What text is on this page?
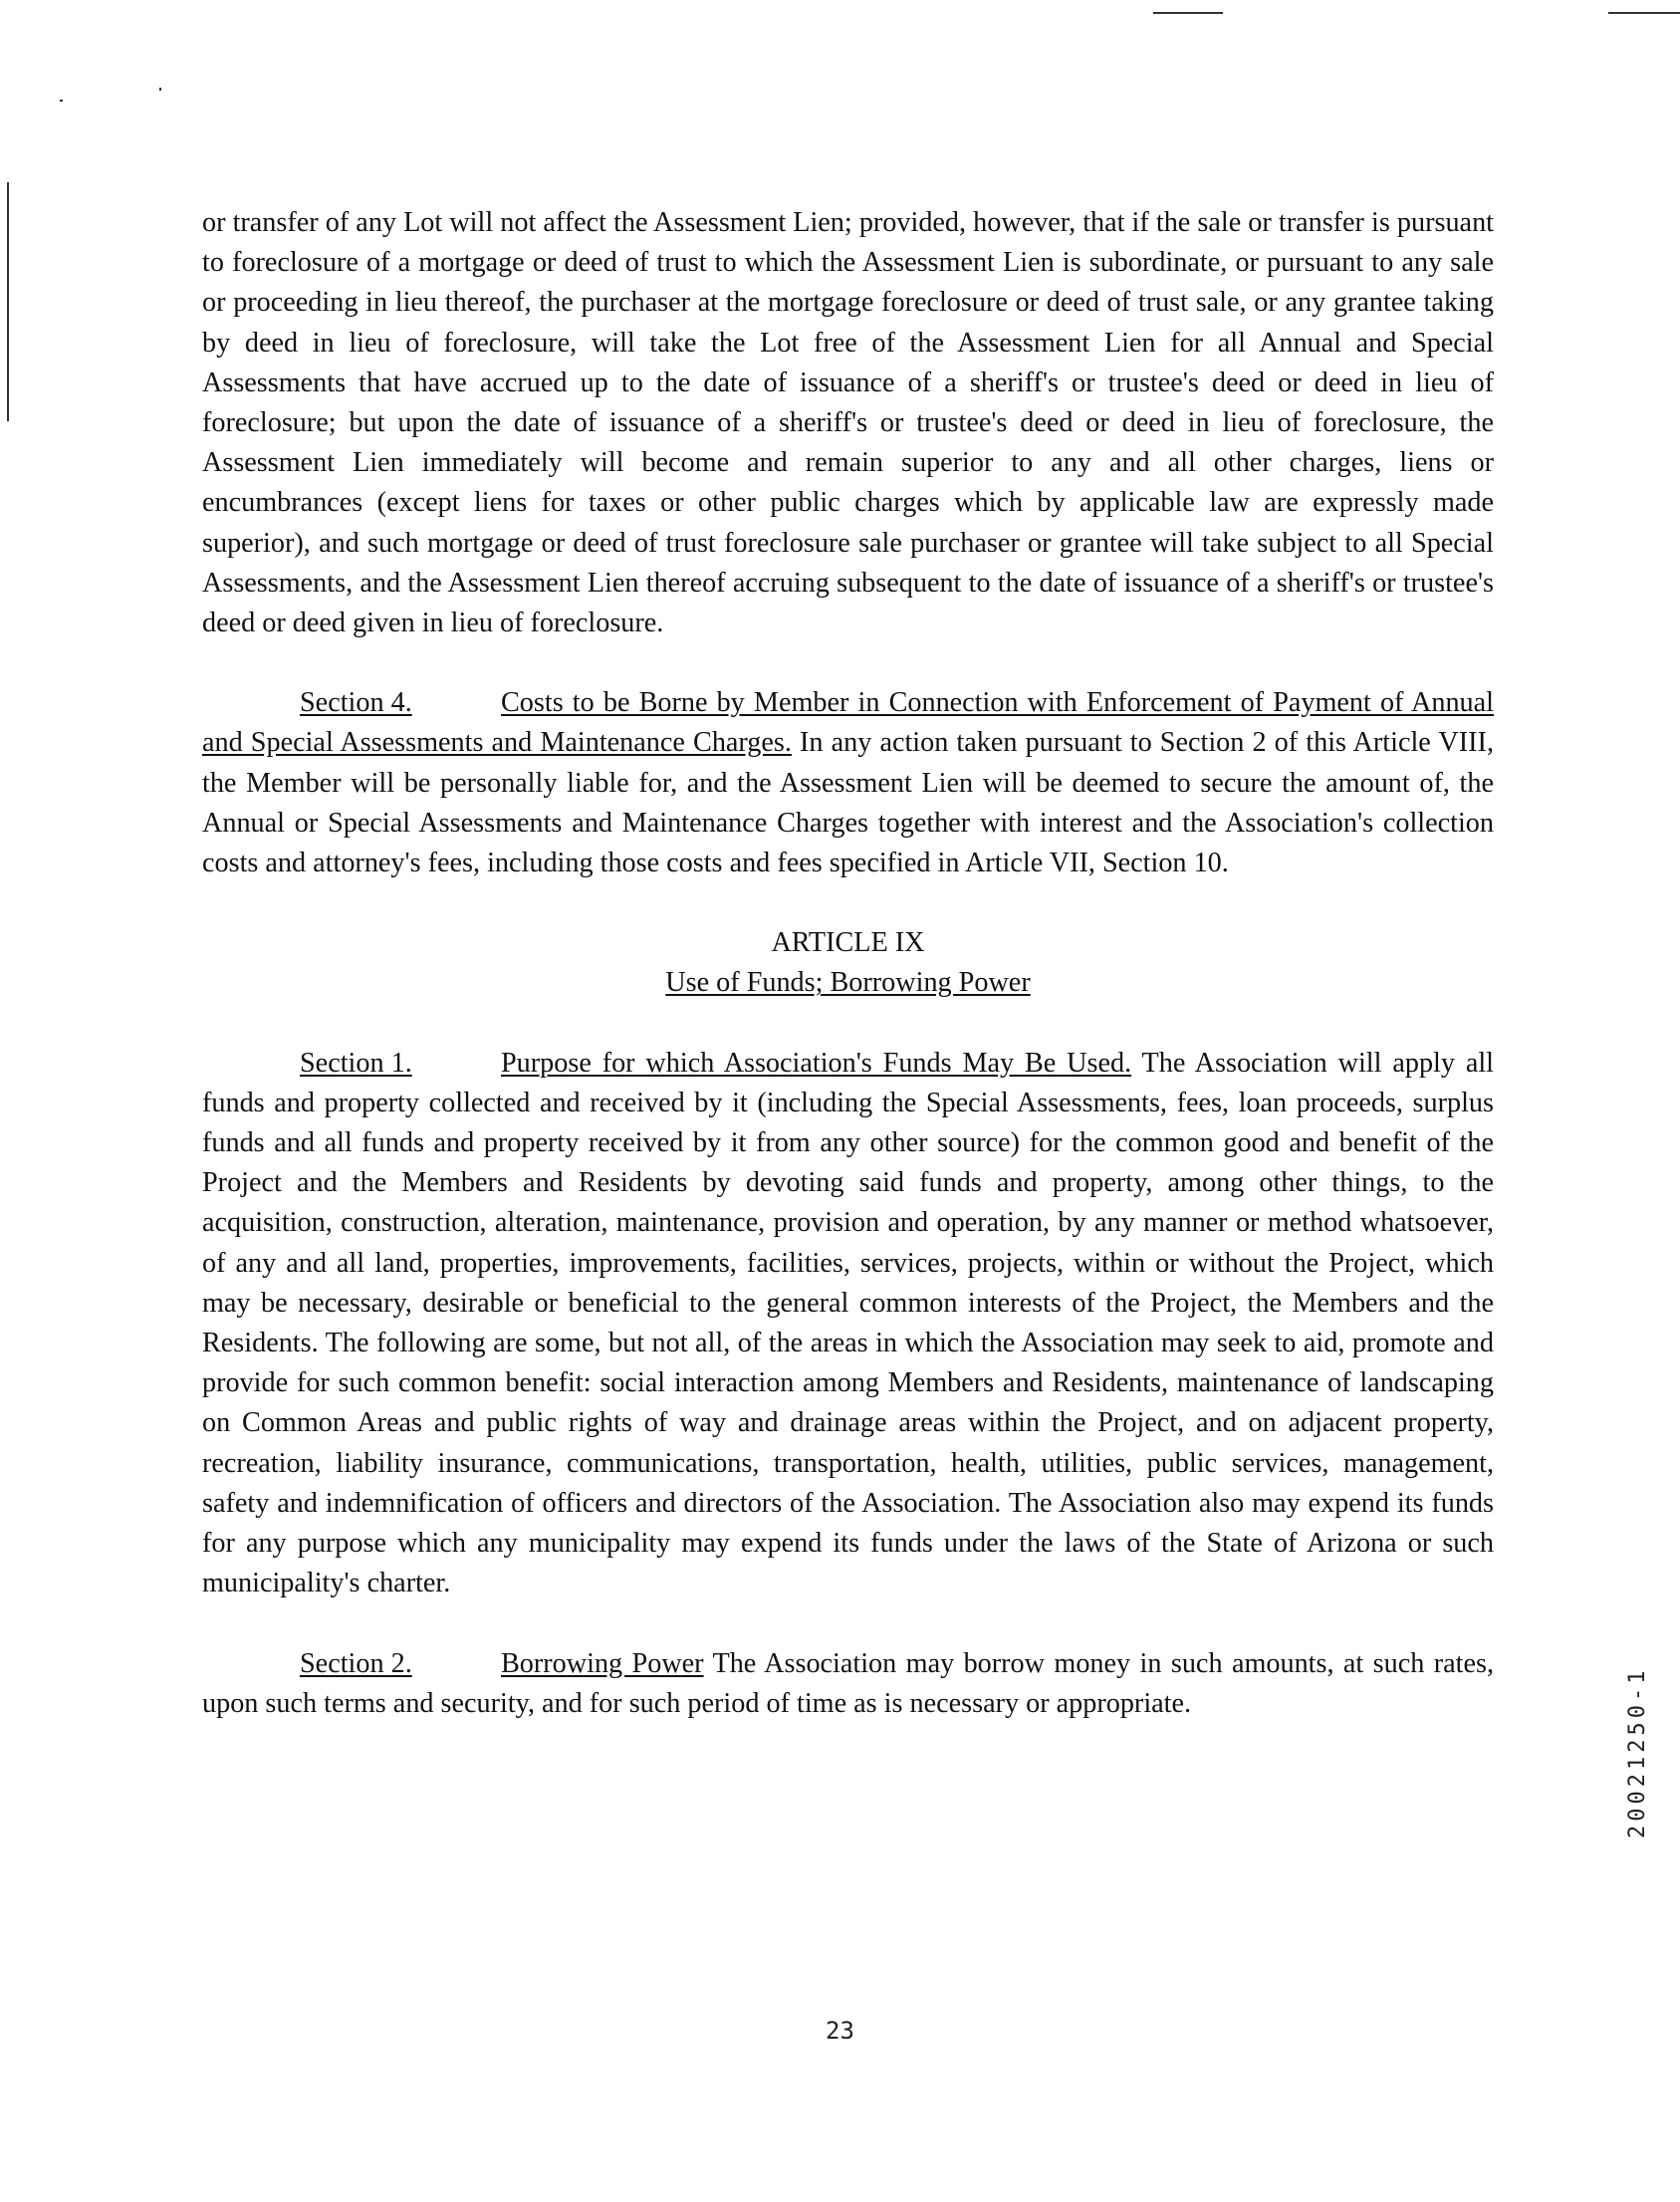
or transfer of any Lot will not affect the Assessment Lien; provided, however, that if the sale or transfer is pursuant to foreclosure of a mortgage or deed of trust to which the Assessment Lien is subordinate, or pursuant to any sale or proceeding in lieu thereof, the purchaser at the mortgage foreclosure or deed of trust sale, or any grantee taking by deed in lieu of foreclosure, will take the Lot free of the Assessment Lien for all Annual and Special Assessments that have accrued up to the date of issuance of a sheriff's or trustee's deed or deed in lieu of foreclosure; but upon the date of issuance of a sheriff's or trustee's deed or deed in lieu of foreclosure, the Assessment Lien immediately will become and remain superior to any and all other charges, liens or encumbrances (except liens for taxes or other public charges which by applicable law are expressly made superior), and such mortgage or deed of trust foreclosure sale purchaser or grantee will take subject to all Special Assessments, and the Assessment Lien thereof accruing subsequent to the date of issuance of a sheriff's or trustee's deed or deed given in lieu of foreclosure.

Section 4.	Costs to be Borne by Member in Connection with Enforcement of Payment of Annual and Special Assessments and Maintenance Charges. In any action taken pursuant to Section 2 of this Article VIII, the Member will be personally liable for, and the Assessment Lien will be deemed to secure the amount of, the Annual or Special Assessments and Maintenance Charges together with interest and the Association's collection costs and attorney's fees, including those costs and fees specified in Article VII, Section 10.

ARTICLE IX

Use of Funds; Borrowing Power

Section 1.	Purpose for which Association's Funds May Be Used. The Association will apply all funds and property collected and received by it (including the Special Assessments, fees, loan proceeds, surplus funds and all funds and property received by it from any other source) for the common good and benefit of the Project and the Members and Residents by devoting said funds and property, among other things, to the acquisition, construction, alteration, maintenance, provision and operation, by any manner or method whatsoever, of any and all land, properties, improvements, facilities, services, projects, within or without the Project, which may be necessary, desirable or beneficial to the general common interests of the Project, the Members and the Residents. The following are some, but not all, of the areas in which the Association may seek to aid, promote and provide for such common benefit: social interaction among Members and Residents, maintenance of landscaping on Common Areas and public rights of way and drainage areas within the Project, and on adjacent property, recreation, liability insurance, communications, transportation, health, utilities, public services, management, safety and indemnification of officers and directors of the Association. The Association also may expend its funds for any purpose which any municipality may expend its funds under the laws of the State of Arizona or such municipality's charter.

Section 2.	Borrowing Power The Association may borrow money in such amounts, at such rates, upon such terms and security, and for such period of time as is necessary or appropriate.

23
20021250-1
